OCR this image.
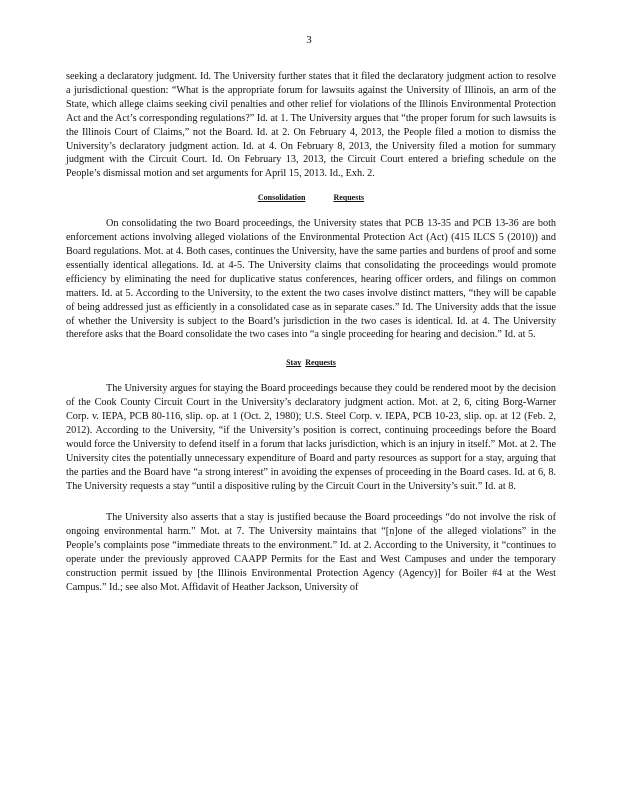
3

seeking a declaratory judgment. Id. The University further states that it filed the declaratory judgment action to resolve a jurisdictional question: “What is the appropriate forum for lawsuits against the University of Illinois, an arm of the State, which allege claims seeking civil penalties and other relief for violations of the Illinois Environmental Protection Act and the Act’s corresponding regulations?” Id. at 1. The University argues that “the proper forum for such lawsuits is the Illinois Court of Claims,” not the Board. Id. at 2. On February 4, 2013, the People filed a motion to dismiss the University’s declaratory judgment action. Id. at 4. On February 8, 2013, the University filed a motion for summary judgment with the Circuit Court. Id. On February 13, 2013, the Circuit Court entered a briefing schedule on the People’s dismissal motion and set arguments for April 15, 2013. Id., Exh. 2.

Consolidation	Requests

On consolidating the two Board proceedings, the University states that PCB 13-35 and PCB 13-36 are both enforcement actions involving alleged violations of the Environmental Protection Act (Act) (415 ILCS 5 (2010)) and Board regulations. Mot. at 4. Both cases, continues the University, have the same parties and burdens of proof and some essentially identical allegations. Id. at 4-5. The University claims that consolidating the proceedings would promote efficiency by eliminating the need for duplicative status conferences, hearing officer orders, and filings on common matters. Id. at 5. According to the University, to the extent the two cases involve distinct matters, “they will be capable of being addressed just as efficiently in a consolidated case as in separate cases.” Id. The University adds that the issue of whether the University is subject to the Board’s jurisdiction in the two cases is identical. Id. at 4. The University therefore asks that the Board consolidate the two cases into “a single proceeding for hearing and decision.” Id. at 5.

Stay Requests

The University argues for staying the Board proceedings because they could be rendered moot by the decision of the Cook County Circuit Court in the University’s declaratory judgment action. Mot. at 2, 6, citing Borg-Warner Corp. v. IEPA, PCB 80-116, slip. op. at 1 (Oct. 2, 1980); U.S. Steel Corp. v. IEPA, PCB 10-23, slip. op. at 12 (Feb. 2, 2012). According to the University, “if the University’s position is correct, continuing proceedings before the Board would force the University to defend itself in a forum that lacks jurisdiction, which is an injury in itself.” Mot. at 2. The University cites the potentially unnecessary expenditure of Board and party resources as support for a stay, arguing that the parties and the Board have “a strong interest” in avoiding the expenses of proceeding in the Board cases. Id. at 6, 8. The University requests a stay “until a dispositive ruling by the Circuit Court in the University’s suit.” Id. at 8.

The University also asserts that a stay is justified because the Board proceedings “do not involve the risk of ongoing environmental harm.” Mot. at 7. The University maintains that “[n]one of the alleged violations” in the People’s complaints pose “immediate threats to the environment.” Id. at 2. According to the University, it “continues to operate under the previously approved CAAPP Permits for the East and West Campuses and under the temporary construction permit issued by [the Illinois Environmental Protection Agency (Agency)] for Boiler #4 at the West Campus.” Id.; see also Mot. Affidavit of Heather Jackson, University of
